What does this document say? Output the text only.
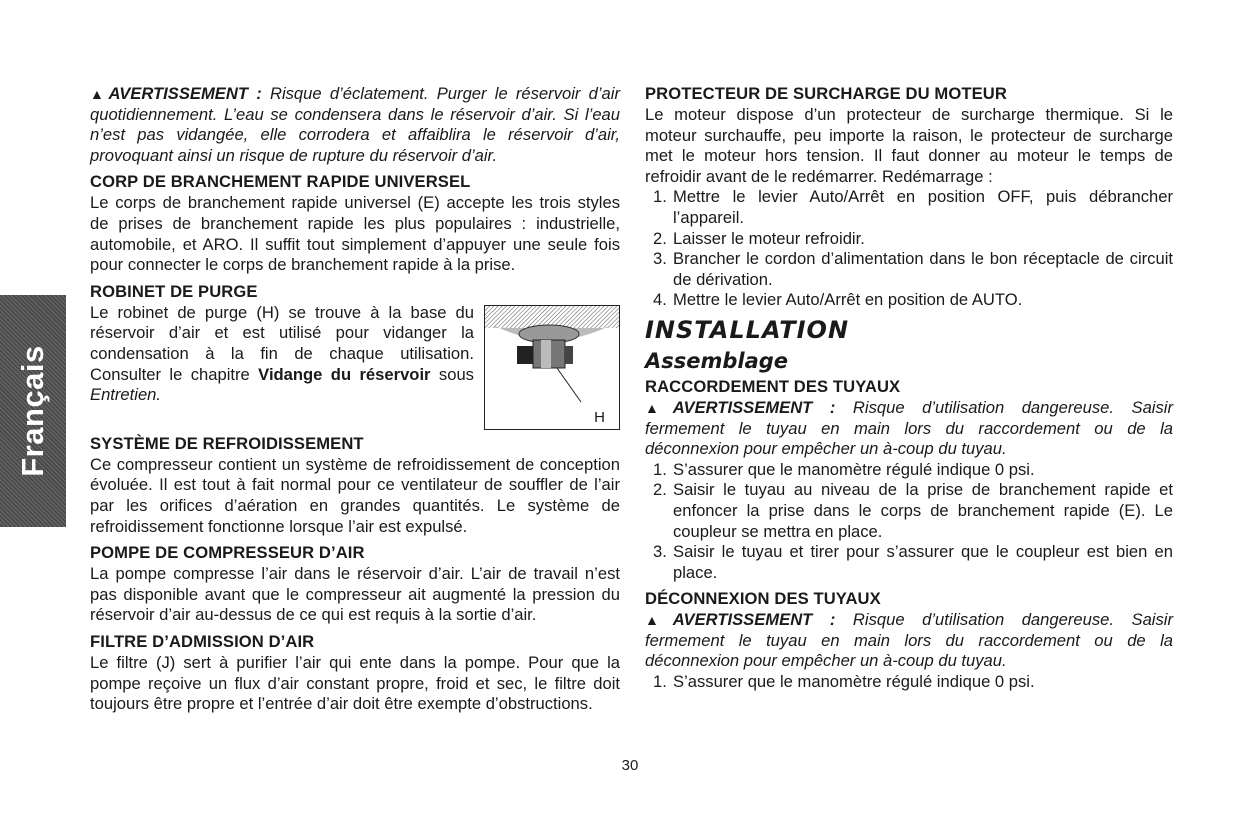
Français

▲AVERTISSEMENT : Risque d’éclatement. Purger le réservoir d’air quotidiennement. L’eau se condensera dans le réservoir d’air. Si l’eau n’est pas vidangée, elle corrodera et affaiblira le réservoir d’air, provoquant ainsi un risque de rupture du réservoir d’air.

CORP DE BRANCHEMENT RAPIDE UNIVERSEL

Le corps de branchement rapide universel (E) accepte les trois styles de prises de branchement rapide les plus populaires : industrielle, automobile, et ARO. Il suffit tout simplement d’appuyer une seule fois pour connecter le corps de branchement rapide à la prise.

ROBINET DE PURGE
H

Le robinet de purge (H) se trouve à la base du réservoir d’air et est utilisé pour vidanger la condensation à la fin de chaque utilisation. Consulter le chapitre Vidange du réservoir sous Entretien.

SYSTÈME DE REFROIDISSEMENT

Ce compresseur contient un système de refroidissement de conception évoluée. Il est tout à fait normal pour ce ventilateur de souffler de l’air par les orifices d’aération en grandes quantités. Le système de refroidissement fonctionne lorsque l’air est expulsé.

POMPE DE COMPRESSEUR D’AIR

La pompe compresse l’air dans le réservoir d’air. L’air de travail n’est pas disponible avant que le compresseur ait augmenté la pression du réservoir d’air au-dessus de ce qui est requis à la sortie d’air.

FILTRE D’ADMISSION D’AIR

Le filtre (J) sert à purifier l’air qui ente dans la pompe. Pour que la pompe reçoive un flux d’air constant propre, froid et sec, le filtre doit toujours être propre et l’entrée d’air doit être exempte d’obstructions.

PROTECTEUR DE SURCHARGE DU MOTEUR

Le moteur dispose d’un protecteur de surcharge thermique. Si le moteur surchauffe, peu importe la raison, le protecteur de surcharge met le moteur hors tension. Il faut donner au moteur le temps de refroidir avant de le redémarrer. Redémarrage :

1. Mettre le levier Auto/Arrêt en position OFF, puis débrancher l’appareil.
2. Laisser le moteur refroidir.
3. Brancher le cordon d’alimentation dans le bon réceptacle de circuit de dérivation.
4. Mettre le levier Auto/Arrêt en position de AUTO.
INSTALLATION
Assemblage
RACCORDEMENT DES TUYAUX

▲AVERTISSEMENT : Risque d’utilisation dangereuse. Saisir fermement le tuyau en main lors du raccordement ou de la déconnexion pour empêcher un à-coup du tuyau.

1. S’assurer que le manomètre régulé indique 0 psi.
2. Saisir le tuyau au niveau de la prise de branchement rapide et enfoncer la prise dans le corps de branchement rapide (E). Le coupleur se mettra en place.
3. Saisir le tuyau et tirer pour s’assurer que le coupleur est bien en place.
DÉCONNEXION DES TUYAUX

▲AVERTISSEMENT : Risque d’utilisation dangereuse. Saisir fermement le tuyau en main lors du raccordement ou de la déconnexion pour empêcher un à-coup du tuyau.

1. S’assurer que le manomètre régulé indique 0 psi.
30
